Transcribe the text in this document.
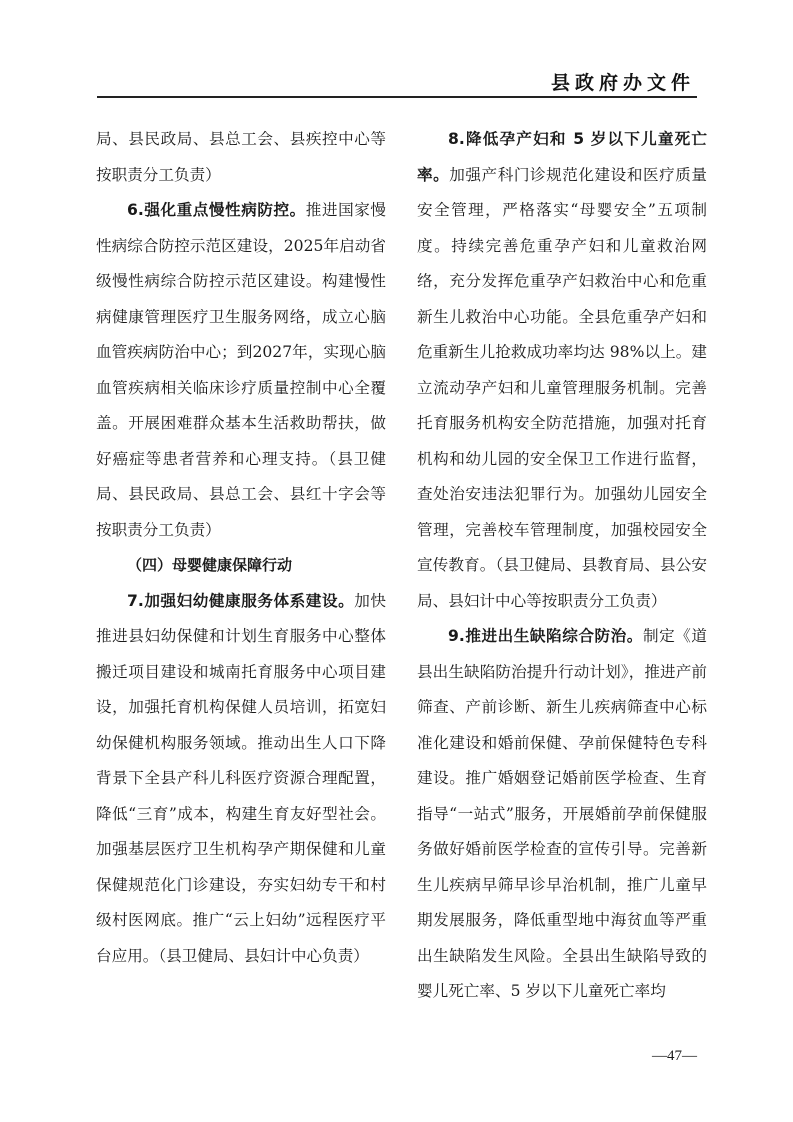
县政府办文件

局、县民政局、县总工会、县疾控中心等按职责分工负责）

6.强化重点慢性病防控。推进国家慢性病综合防控示范区建设，2025年启动省级慢性病综合防控示范区建设。构建慢性病健康管理医疗卫生服务网络，成立心脑血管疾病防治中心；到2027年，实现心脑血管疾病相关临床诊疗质量控制中心全覆盖。开展困难群众基本生活救助帮扶，做好癌症等患者营养和心理支持。（县卫健局、县民政局、县总工会、县红十字会等按职责分工负责）

（四）母婴健康保障行动

7.加强妇幼健康服务体系建设。加快推进县妇幼保健和计划生育服务中心整体搬迁项目建设和城南托育服务中心项目建设，加强托育机构保健人员培训，拓宽妇幼保健机构服务领域。推动出生人口下降背景下全县产科儿科医疗资源合理配置，降低“三育”成本，构建生育友好型社会。加强基层医疗卫生机构孕产期保健和儿童保健规范化门诊建设，夯实妇幼专干和村级村医网底。推广“云上妇幼”远程医疗平台应用。（县卫健局、县妇计中心负责）

8.降低孕产妇和 5 岁以下儿童死亡率。加强产科门诊规范化建设和医疗质量安全管理，严格落实“母婴安全”五项制度。持续完善危重孕产妇和儿童救治网络，充分发挥危重孕产妇救治中心和危重新生儿救治中心功能。全县危重孕产妇和危重新生儿抢救成功率均达 98%以上。建立流动孕产妇和儿童管理服务机制。完善托育服务机构安全防范措施，加强对托育机构和幼儿园的安全保卫工作进行监督，查处治安违法犯罪行为。加强幼儿园安全管理，完善校车管理制度，加强校园安全宣传教育。（县卫健局、县教育局、县公安局、县妇计中心等按职责分工负责）

9.推进出生缺陷综合防治。制定《道县出生缺陷防治提升行动计划》，推进产前筛查、产前诊断、新生儿疾病筛查中心标准化建设和婚前保健、孕前保健特色专科建设。推广婚姻登记婚前医学检查、生育指导“一站式”服务，开展婚前孕前保健服务做好婚前医学检查的宣传引导。完善新生儿疾病早筛早诊早治机制，推广儿童早期发展服务，降低重型地中海贫血等严重出生缺陷发生风险。全县出生缺陷导致的婴儿死亡率、5 岁以下儿童死亡率均

—47—
